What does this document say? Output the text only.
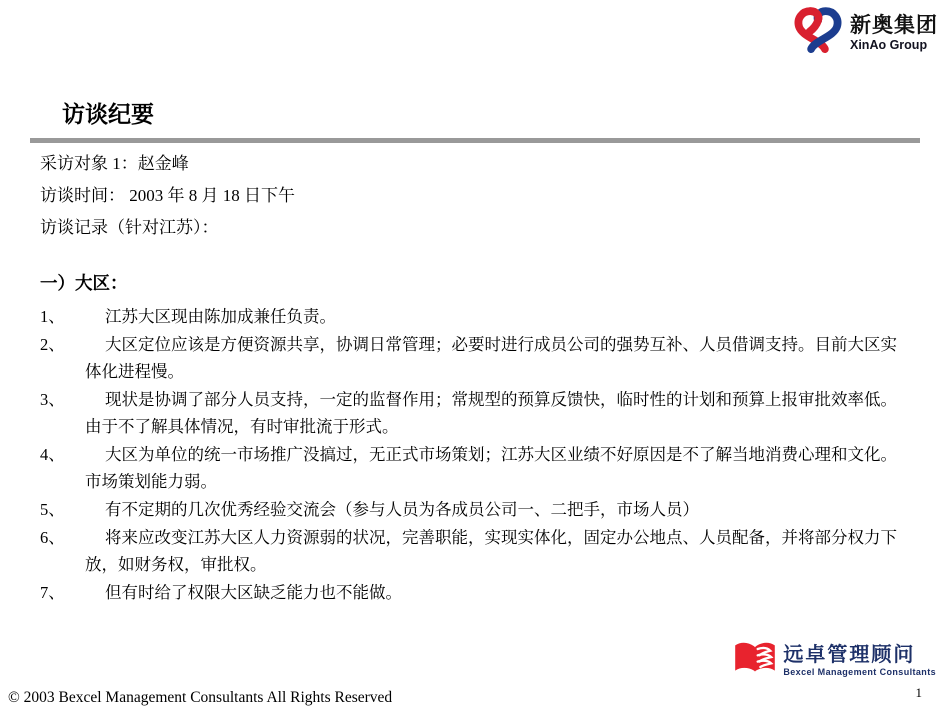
新奥集团
XinAo Group
访谈纪要
采访对象 1：赵金峰
访谈时间： 2003 年 8 月 18 日下午
访谈记录（针对江苏）：
一）大区：
1、 江苏大区现由陈加成兼任负责。
2、 大区定位应该是方便资源共享，协调日常管理；必要时进行成员公司的强势互补、人员借调支持。目前大区实体化进程慢。
3、 现状是协调了部分人员支持，一定的监督作用；常规型的预算反馈快，临时性的计划和预算上报审批效率低。由于不了解具体情况，有时审批流于形式。
4、 大区为单位的统一市场推广没搞过，无正式市场策划；江苏大区业绩不好原因是不了解当地消费心理和文化。市场策划能力弱。
5、 有不定期的几次优秀经验交流会（参与人员为各成员公司一、二把手，市场人员）
6、 将来应改变江苏大区人力资源弱的状况，完善职能，实现实体化，固定办公地点、人员配备，并将部分权力下放，如财务权，审批权。
7、 但有时给了权限大区缺乏能力也不能做。
远卓管理顾问
Bexcel Management Consultants
© 2003 Bexcel Management Consultants All Rights Reserved	1
